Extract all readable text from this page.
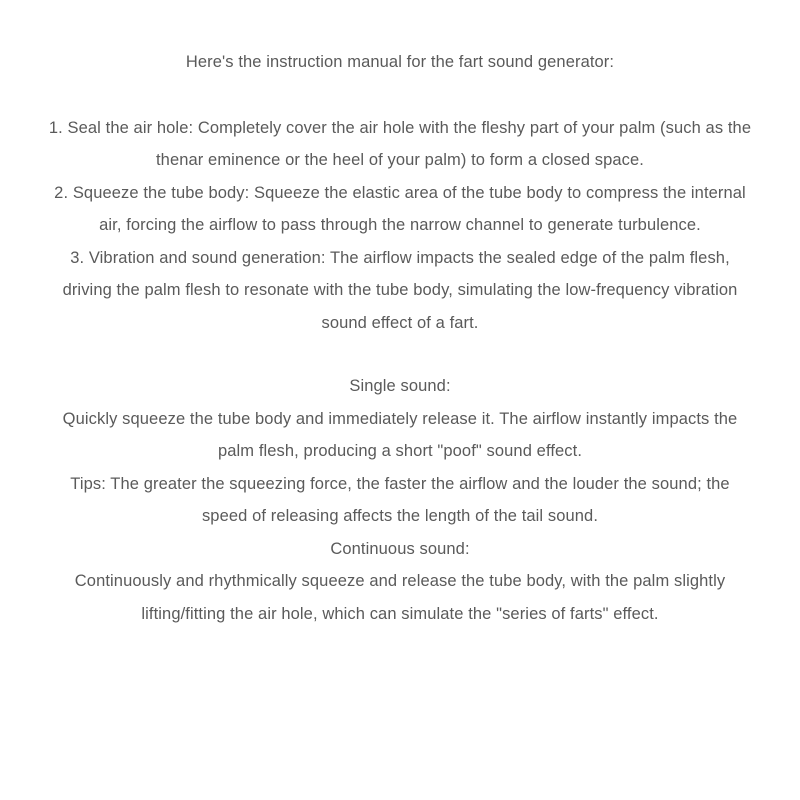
Here's the instruction manual for the fart sound generator:
1. Seal the air hole: Completely cover the air hole with the fleshy part of your palm (such as the
thenar eminence or the heel of your palm) to form a closed space.
2. Squeeze the tube body: Squeeze the elastic area of the tube body to compress the internal
air, forcing the airflow to pass through the narrow channel to generate turbulence.
3. Vibration and sound generation: The airflow impacts the sealed edge of the palm flesh,
driving the palm flesh to resonate with the tube body, simulating the low-frequency vibration
sound effect of a fart.
Single sound:
Quickly squeeze the tube body and immediately release it. The airflow instantly impacts the
palm flesh, producing a short "poof" sound effect.
Tips: The greater the squeezing force, the faster the airflow and the louder the sound; the
speed of releasing affects the length of the tail sound.
Continuous sound:
Continuously and rhythmically squeeze and release the tube body, with the palm slightly
lifting/fitting the air hole, which can simulate the "series of farts" effect.
